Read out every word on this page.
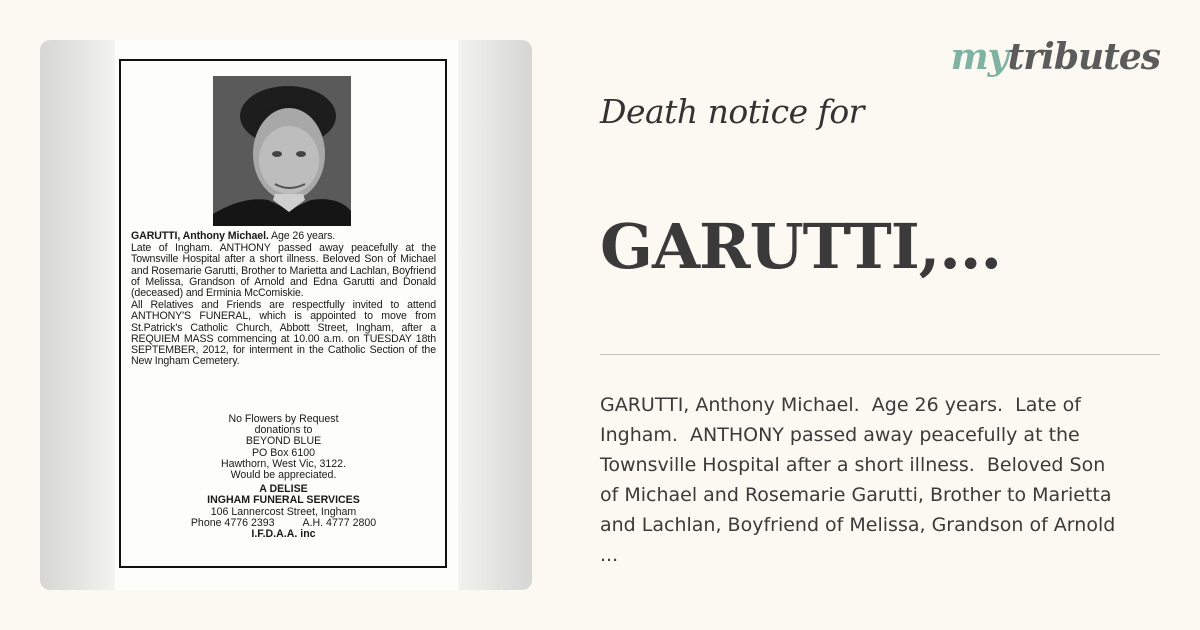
GARUTTI, Anthony Michael. Age 26 years.
Late of Ingham. ANTHONY passed away peacefully at the Townsville Hospital after a short illness. Beloved Son of Michael and Rosemarie Garutti, Brother to Marietta and Lachlan, Boyfriend of Melissa, Grandson of Arnold and Edna Garutti and Donald (deceased) and Erminia McComiskie.
All Relatives and Friends are respectfully invited to attend ANTHONY'S FUNERAL, which is appointed to move from St.Patrick's Catholic Church, Abbott Street, Ingham, after a REQUIEM MASS commencing at 10.00 a.m. on TUESDAY 18th SEPTEMBER, 2012, for interment in the Catholic Section of the New Ingham Cemetery.
No Flowers by Request
donations to
BEYOND BLUE
PO Box 6100
Hawthorn, West Vic, 3122.
Would be appreciated.
A DELISE
INGHAM FUNERAL SERVICES
106 Lannercost Street, Ingham
Phone 4776 2393	A.H. 4777 2800
I.F.D.A.A. inc
mytributes
Death notice for
GARUTTI,...
GARUTTI, Anthony Michael.  Age 26 years.  Late of
Ingham.  ANTHONY passed away peacefully at the
Townsville Hospital after a short illness.  Beloved Son
of Michael and Rosemarie Garutti, Brother to Marietta
and Lachlan, Boyfriend of Melissa, Grandson of Arnold
...
